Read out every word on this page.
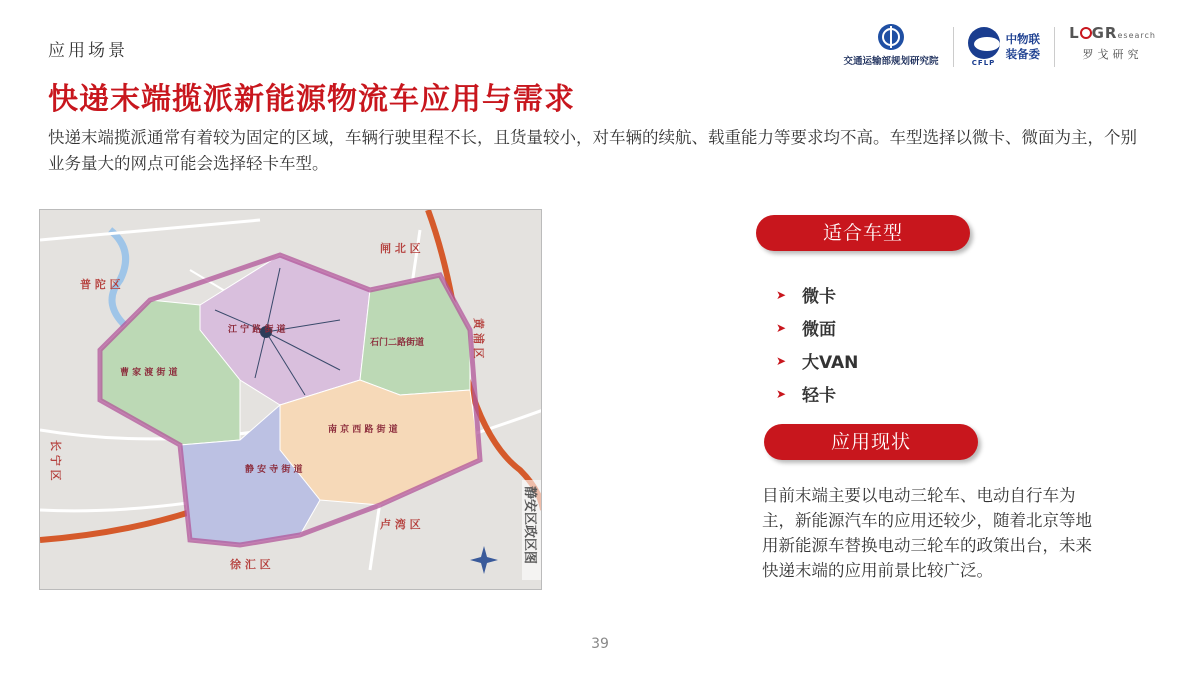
应用场景
快递末端揽派新能源物流车应用与需求
交通运输部规划研究院	CFLP
中物联
装备委
L GResearch
罗戈研究
快递末端揽派通常有着较为固定的区域，车辆行驶里程不长，且货量较小，对车辆的续航、载重能力等要求均不高。车型选择以微卡、微面为主，个别业务量大的网点可能会选择轻卡车型。
闸 北 区
普 陀 区
黄 浦 区
长 宁 区
卢 湾 区
徐 汇 区
江 宁 路 街 道
曹 家 渡 街 道
石门二路街道
南 京 西 路 街 道
静 安 寺 街 道
静安区政区图
适合车型
➤ 微卡
➤ 微面
➤ 大VAN
➤ 轻卡
应用现状
目前末端主要以电动三轮车、电动自行车为主，新能源汽车的应用还较少，随着北京等地用新能源车替换电动三轮车的政策出台，未来快递末端的应用前景比较广泛。
39
